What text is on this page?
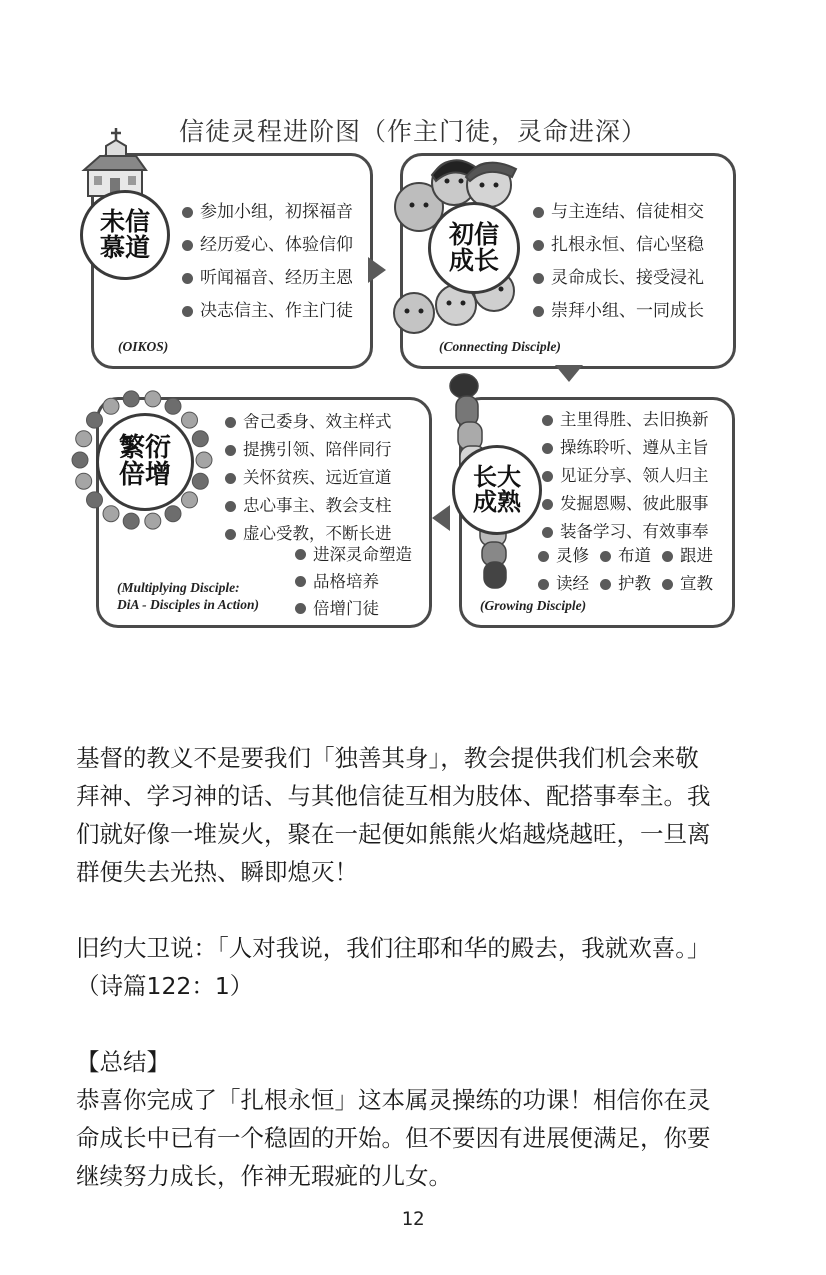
信徒灵程进阶图（作主门徒，灵命进深）
参加小组，初探福音
经历爱心、体验信仰
听闻福音、经历主恩
决志信主、作主门徒
(OIKOS)
未信
慕道
与主连结、信徒相交
扎根永恒、信心坚稳
灵命成长、接受浸礼
崇拜小组、一同成长
(Connecting Disciple)
初信
成长
舍己委身、效主样式
提携引领、陪伴同行
关怀贫疾、远近宣道
忠心事主、教会支柱
虚心受教，不断长进
进深灵命塑造
品格培养
倍增门徒
(Multiplying Disciple:
DiA - Disciples in Action)
繁衍
倍增
主里得胜、去旧换新
操练聆听、遵从主旨
见证分享、领人归主
发掘恩赐、彼此服事
装备学习、有效事奉
灵修 布道 跟进
读经 护教 宣教
(Growing Disciple)
长大
成熟
基督的教义不是要我们「独善其身」，教会提供我们机会来敬
拜神、学习神的话、与其他信徒互相为肢体、配搭事奉主。我
们就好像一堆炭火，聚在一起便如熊熊火焰越烧越旺，一旦离
群便失去光热、瞬即熄灭！
旧约大卫说：「人对我说，我们往耶和华的殿去，我就欢喜。」
（诗篇122：1）
【总结】
恭喜你完成了「扎根永恒」这本属灵操练的功课！相信你在灵
命成长中已有一个稳固的开始。但不要因有进展便满足，你要
继续努力成长，作神无瑕疵的儿女。
12
